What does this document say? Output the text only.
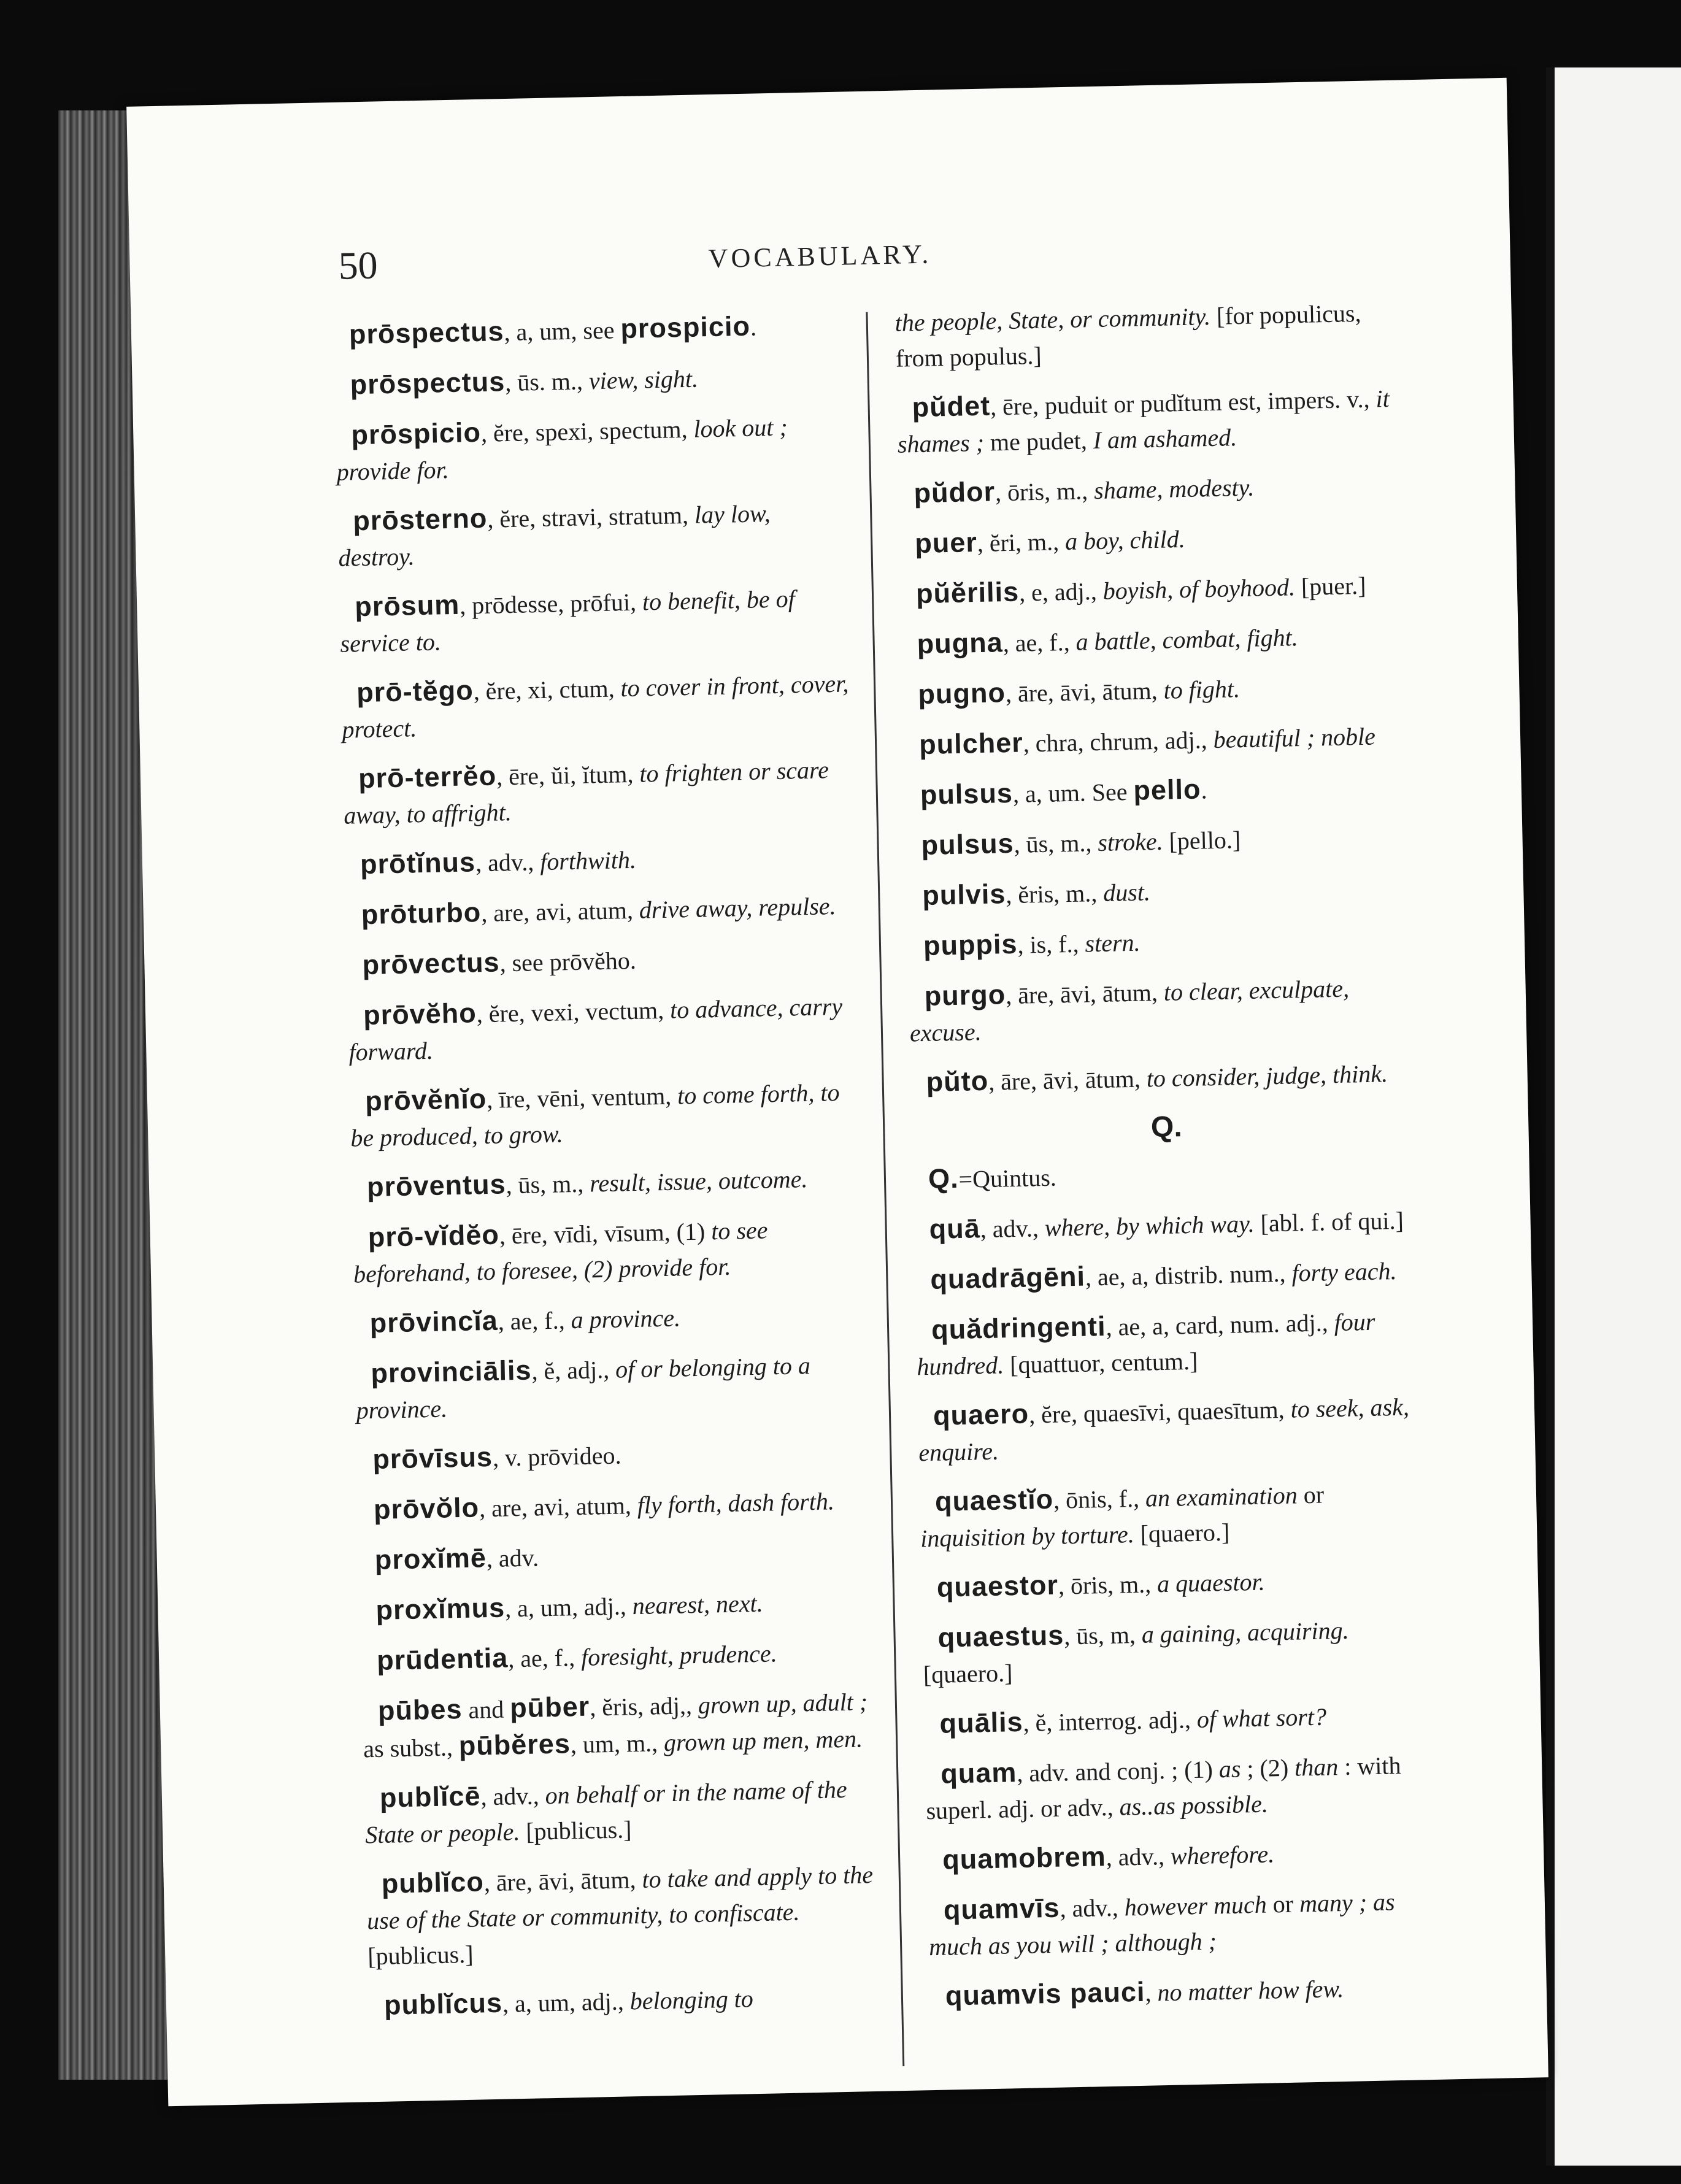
50	VOCABULARY.

prōspectus, a, um, see prospicio.

prōspectus, ūs. m., view, sight.

prōspicio, ĕre, spexi, spectum, look out ; provide for.

prōsterno, ĕre, stravi, stratum, lay low, destroy.

prōsum, prōdesse, prōfui, to benefit, be of service to.

prō-tĕgo, ĕre, xi, ctum, to cover in front, cover, protect.

prō-terrĕo, ēre, ŭi, ĭtum, to frighten or scare away, to affright.

prōtĭnus, adv., forthwith.

prōturbo, are, avi, atum, drive away, repulse.

prōvectus, see prōvĕho.

prōvĕho, ĕre, vexi, vectum, to advance, carry forward.

prōvĕnĭo, īre, vēni, ventum, to come forth, to be produced, to grow.

prōventus, ūs, m., result, issue, outcome.

prō-vĭdĕo, ēre, vīdi, vīsum, (1) to see beforehand, to foresee, (2) provide for.

prōvincĭa, ae, f., a province.

provinciālis, ĕ, adj., of or belonging to a province.

prōvīsus, v. prōvideo.

prōvŏlo, are, avi, atum, fly forth, dash forth.

proxĭmē, adv.

proxĭmus, a, um, adj., nearest, next.

prūdentia, ae, f., foresight, prudence.

pūbes and pūber, ĕris, adj,, grown up, adult ; as subst., pūbĕres, um, m., grown up men, men.

publĭcē, adv., on behalf or in the name of the State or people. [publicus.]

publĭco, āre, āvi, ātum, to take and apply to the use of the State or community, to confiscate. [publicus.]

publĭcus, a, um, adj., belonging to

the people, State, or community. [for populicus, from populus.]

pŭdet, ēre, puduit or pudĭtum est, impers. v., it shames ; me pudet, I am ashamed.

pŭdor, ōris, m., shame, modesty.

puer, ĕri, m., a boy, child.

pŭĕrilis, e, adj., boyish, of boyhood. [puer.]

pugna, ae, f., a battle, combat, fight.

pugno, āre, āvi, ātum, to fight.

pulcher, chra, chrum, adj., beautiful ; noble

pulsus, a, um. See pello.

pulsus, ūs, m., stroke. [pello.]

pulvis, ĕris, m., dust.

puppis, is, f., stern.

purgo, āre, āvi, ātum, to clear, exculpate, excuse.

pŭto, āre, āvi, ātum, to consider, judge, think.

Q.

Q.=Quintus.

quā, adv., where, by which way. [abl. f. of qui.]

quadrāgēni, ae, a, distrib. num., forty each.

quădringenti, ae, a, card, num. adj., four hundred. [quattuor, centum.]

quaero, ĕre, quaesīvi, quaesītum, to seek, ask, enquire.

quaestĭo, ōnis, f., an examination or inquisition by torture. [quaero.]

quaestor, ōris, m., a quaestor.

quaestus, ūs, m, a gaining, acquiring. [quaero.]

quālis, ĕ, interrog. adj., of what sort?

quam, adv. and conj. ; (1) as ; (2) than : with superl. adj. or adv., as..as possible.

quamobrem, adv., wherefore.

quamvīs, adv., however much or many ; as much as you will ; although ;

quamvis pauci, no matter how few.
